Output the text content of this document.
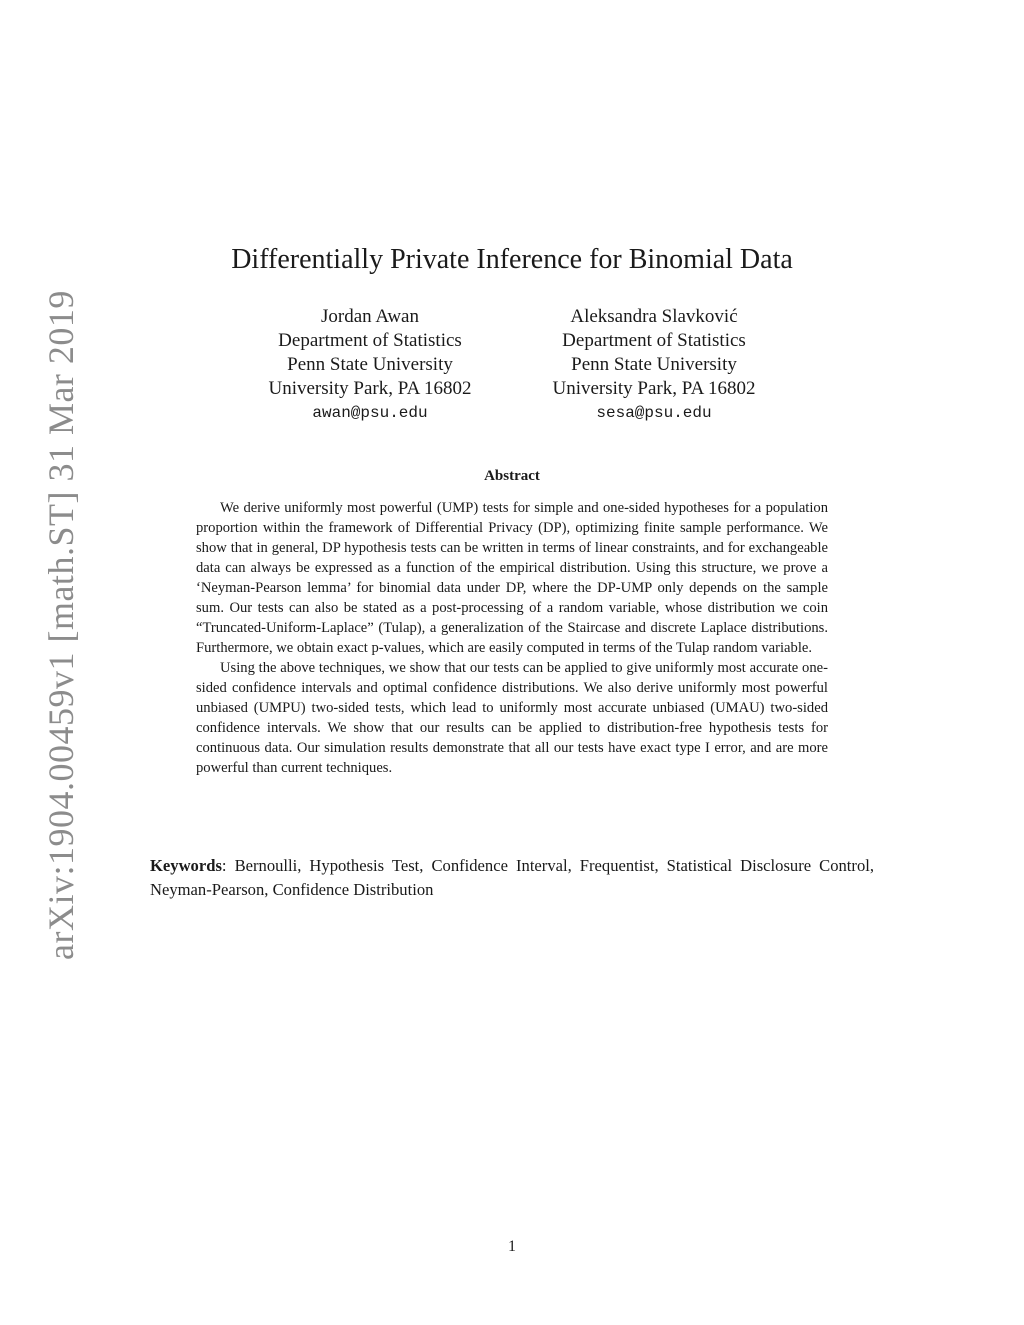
arXiv:1904.00459v1 [math.ST] 31 Mar 2019
Differentially Private Inference for Binomial Data
Jordan Awan
Department of Statistics
Penn State University
University Park, PA 16802
awan@psu.edu
Aleksandra Slavković
Department of Statistics
Penn State University
University Park, PA 16802
sesa@psu.edu
Abstract

We derive uniformly most powerful (UMP) tests for simple and one-sided hypotheses for a population proportion within the framework of Differential Privacy (DP), optimizing finite sample performance. We show that in general, DP hypothesis tests can be written in terms of linear constraints, and for exchangeable data can always be expressed as a function of the empirical distribution. Using this structure, we prove a ‘Neyman-Pearson lemma’ for binomial data under DP, where the DP-UMP only depends on the sample sum. Our tests can also be stated as a post-processing of a random variable, whose distribution we coin “Truncated-Uniform-Laplace” (Tulap), a generalization of the Staircase and discrete Laplace distributions. Furthermore, we obtain exact p-values, which are easily computed in terms of the Tulap random variable.

Using the above techniques, we show that our tests can be applied to give uniformly most accurate one-sided confidence intervals and optimal confidence distributions. We also derive uniformly most powerful unbiased (UMPU) two-sided tests, which lead to uniformly most accurate unbiased (UMAU) two-sided confidence intervals. We show that our results can be applied to distribution-free hypothesis tests for continuous data. Our simulation results demonstrate that all our tests have exact type I error, and are more powerful than current techniques.

Keywords: Bernoulli, Hypothesis Test, Confidence Interval, Frequentist, Statistical Disclosure Control, Neyman-Pearson, Confidence Distribution
1
